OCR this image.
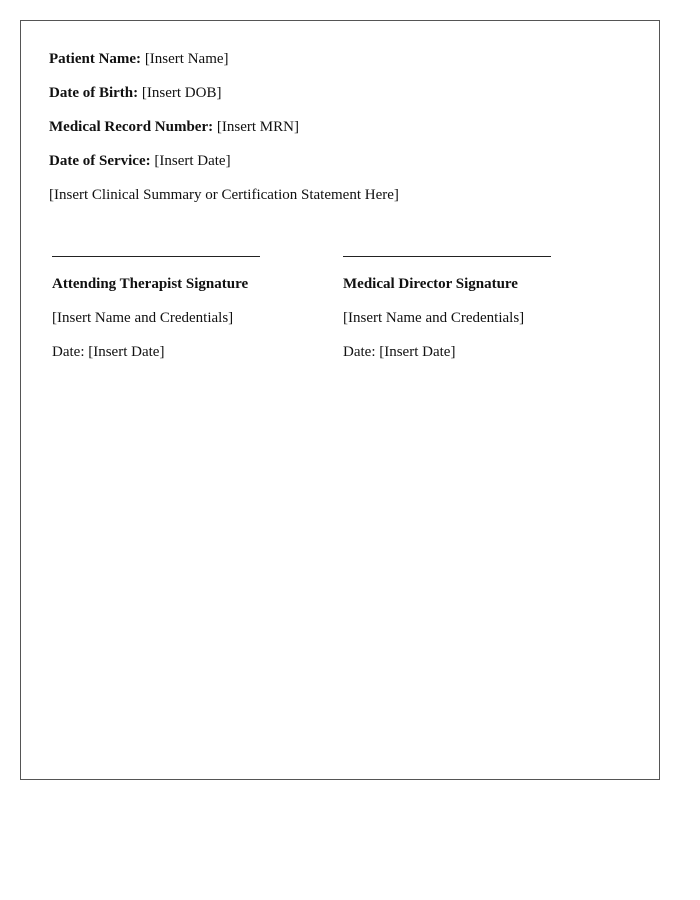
Patient Name: [Insert Name]
Date of Birth: [Insert DOB]
Medical Record Number: [Insert MRN]
Date of Service: [Insert Date]
[Insert Clinical Summary or Certification Statement Here]
Attending Therapist Signature
[Insert Name and Credentials]
Date: [Insert Date]
Medical Director Signature
[Insert Name and Credentials]
Date: [Insert Date]
